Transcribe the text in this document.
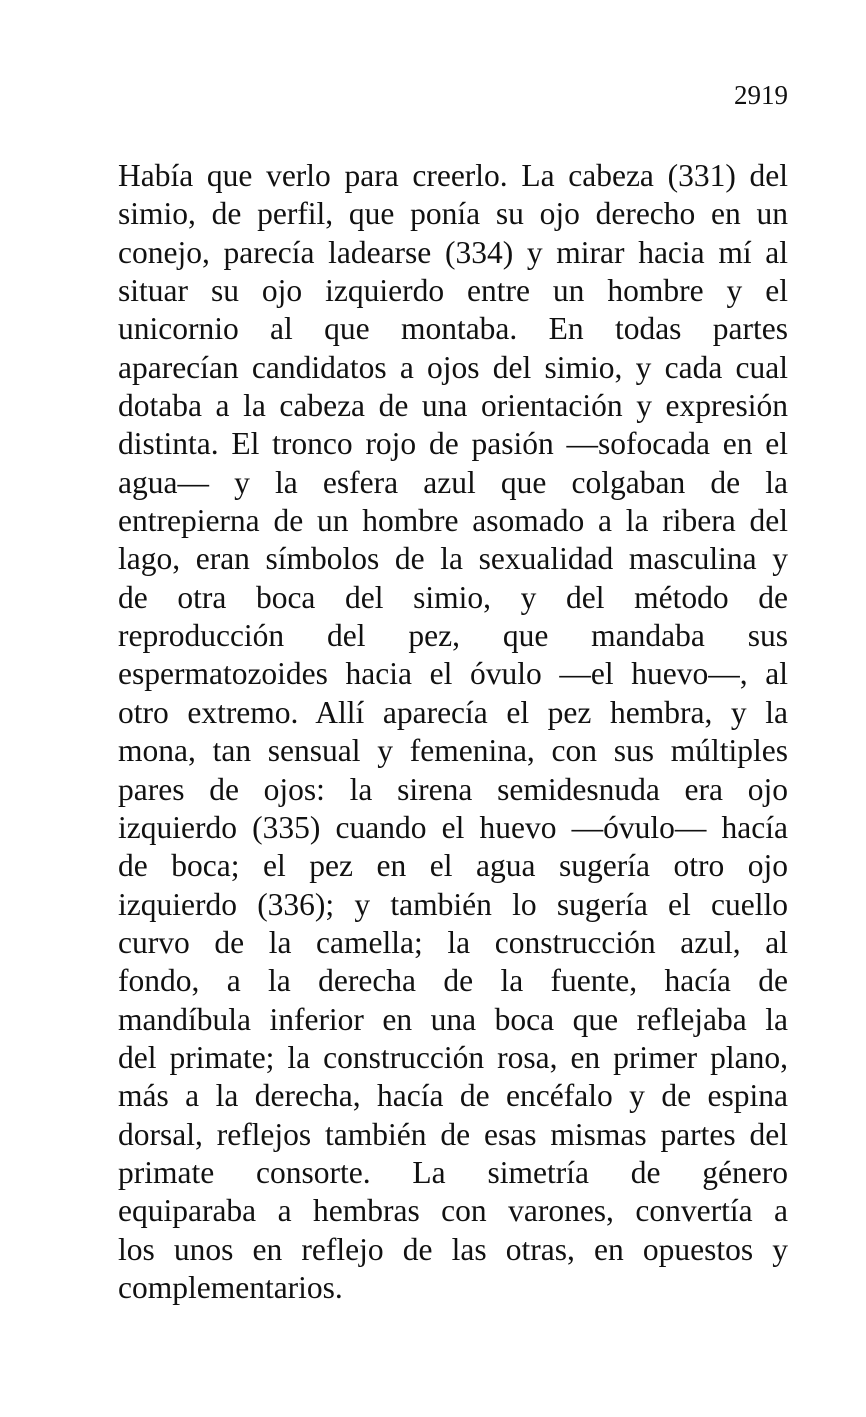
2919
Había que verlo para creerlo. La cabeza (331) del
simio, de perfil, que ponía su ojo derecho en un
conejo, parecía ladearse (334) y mirar hacia mí al
situar su ojo izquierdo entre un hombre y el
unicornio al que montaba. En todas partes
aparecían candidatos a ojos del simio, y cada cual
dotaba a la cabeza de una orientación y expresión
distinta. El tronco rojo de pasión —sofocada en el
agua— y la esfera azul que colgaban de la
entrepierna de un hombre asomado a la ribera del
lago, eran símbolos de la sexualidad masculina y
de otra boca del simio, y del método de
reproducción del pez, que mandaba sus
espermatozoides hacia el óvulo —el huevo—, al
otro extremo. Allí aparecía el pez hembra, y la
mona, tan sensual y femenina, con sus múltiples
pares de ojos: la sirena semidesnuda era ojo
izquierdo (335) cuando el huevo —óvulo— hacía
de boca; el pez en el agua sugería otro ojo
izquierdo (336); y también lo sugería el cuello
curvo de la camella; la construcción azul, al
fondo, a la derecha de la fuente, hacía de
mandíbula inferior en una boca que reflejaba la
del primate; la construcción rosa, en primer plano,
más a la derecha, hacía de encéfalo y de espina
dorsal, reflejos también de esas mismas partes del
primate consorte. La simetría de género
equiparaba a hembras con varones, convertía a
los unos en reflejo de las otras, en opuestos y
complementarios.
